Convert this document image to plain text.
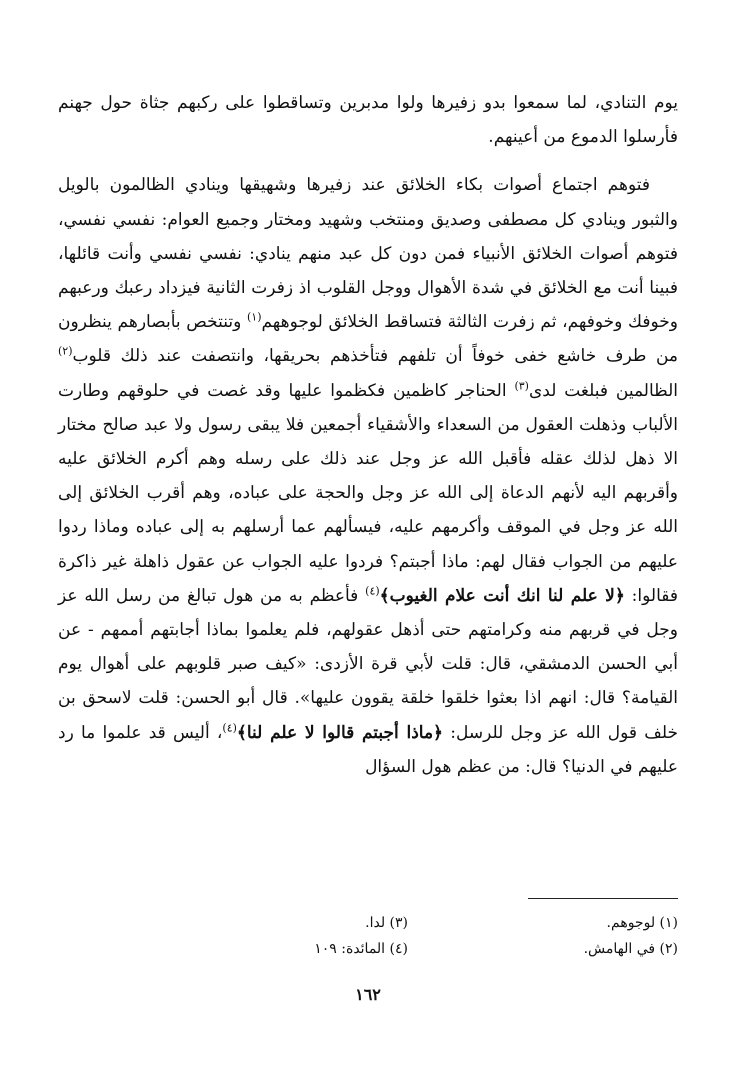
يوم التنادي، لما سمعوا بدو زفيرها ولوا مدبرين وتساقطوا على ركبهم جثاة حول جهنم فأرسلوا الدموع من أعينهم.

فتوهم اجتماع أصوات بكاء الخلائق عند زفيرها وشهيقها وينادي الظالمون بالويل والثبور وينادي كل مصطفى وصديق ومنتخب وشهيد ومختار وجميع العوام: نفسي نفسي، فتوهم أصوات الخلائق الأنبياء فمن دون كل عبد منهم ينادي: نفسي نفسي وأنت قائلها، فبينا أنت مع الخلائق في شدة الأهوال ووجل القلوب اذ زفرت الثانية فيزداد رعبك ورعبهم وخوفك وخوفهم، ثم زفرت الثالثة فتساقط الخلائق لوجوههم$^{(١)}$ وتنتخص بأبصارهم ينظرون من طرف خاشع خفى خوفاً أن تلفهم فتأخذهم بحريقها، وانتصفت عند ذلك قلوب$^{(٢)}$ الظالمين فبلغت لدى$^{(٣)}$ الحناجر كاظمين فكظموا عليها وقد غصت في حلوقهم وطارت الألباب وذهلت العقول من السعداء والأشقياء أجمعين فلا يبقى رسول ولا عبد صالح مختار الا ذهل لذلك عقله فأقبل الله عز وجل عند ذلك على رسله وهم أكرم الخلائق عليه وأقربهم اليه لأنهم الدعاة إلى الله عز وجل والحجة على عباده، وهم أقرب الخلائق إلى الله عز وجل في الموقف وأكرمهم عليه، فيسألهم عما أرسلهم به إلى عباده وماذا ردوا عليهم من الجواب فقال لهم: ماذا أجبتم؟ فردوا عليه الجواب عن عقول ذاهلة غير ذاكرة فقالوا: ﴿لا علم لنا انك أنت علام الغيوب﴾$^{(٤)}$ فأعظم به من هول تبالغ من رسل الله عز وجل في قربهم منه وكرامتهم حتى أذهل عقولهم، فلم يعلموا بماذا أجابتهم أممهم - عن أبي الحسن الدمشقي، قال: قلت لأبي قرة الأزدى: «كيف صبر قلوبهم على أهوال يوم القيامة؟ قال: انهم اذا بعثوا خلقوا خلقة يقوون عليها». قال أبو الحسن: قلت لاسحق بن خلف قول الله عز وجل للرسل: ﴿ماذا أجبتم قالوا لا علم لنا﴾$^{(٤)}$، أليس قد علموا ما رد عليهم في الدنيا؟ قال: من عظم هول السؤال

(١) لوجوهم.
(٢) في الهامش.
(٣) لدا.
(٤) المائدة: ١٠٩
١٦٢
